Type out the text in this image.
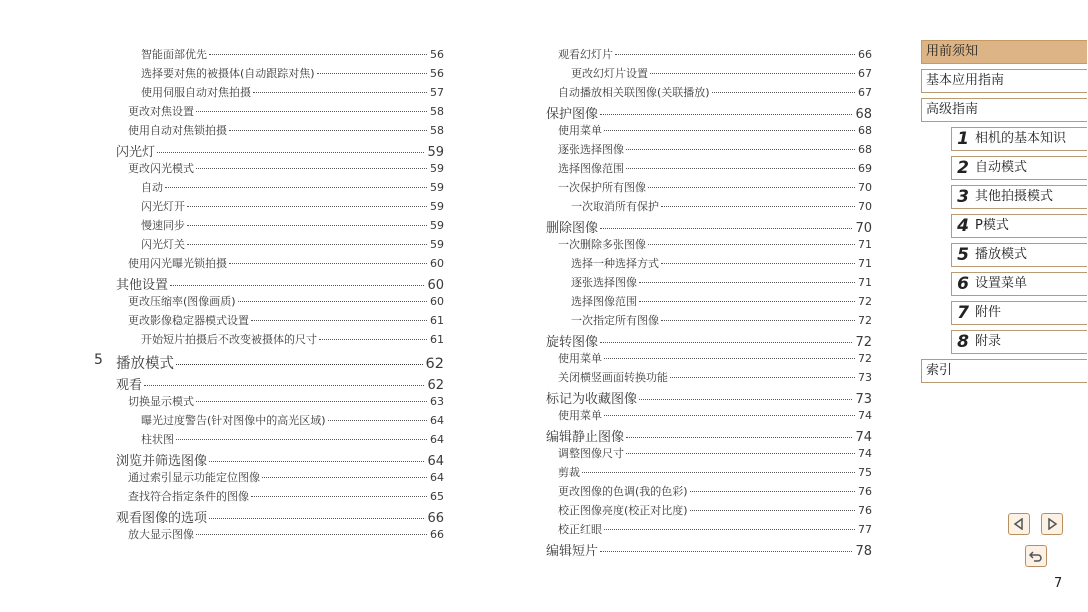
智能面部优先	56
选择要对焦的被摄体(自动跟踪对焦)	56
使用伺服自动对焦拍摄	57
更改对焦设置	58
使用自动对焦锁拍摄	58
闪光灯	59
更改闪光模式	59
自动	59
闪光灯开	59
慢速同步	59
闪光灯关	59
使用闪光曝光锁拍摄	60
其他设置	60
更改压缩率(图像画质)	60
更改影像稳定器模式设置	61
开始短片拍摄后不改变被摄体的尺寸	61
5 播放模式	62
观看	62
切换显示模式	63
曝光过度警告(针对图像中的高光区域)	64
柱状图	64
浏览并筛选图像	64
通过索引显示功能定位图像	64
查找符合指定条件的图像	65
观看图像的选项	66
放大显示图像	66
观看幻灯片	66
更改幻灯片设置	67
自动播放相关联图像(关联播放)	67
保护图像	68
使用菜单	68
逐张选择图像	68
选择图像范围	69
一次保护所有图像	70
一次取消所有保护	70
删除图像	70
一次删除多张图像	71
选择一种选择方式	71
逐张选择图像	71
选择图像范围	72
一次指定所有图像	72
旋转图像	72
使用菜单	72
关闭横竖画面转换功能	73
标记为收藏图像	73
使用菜单	74
编辑静止图像	74
调整图像尺寸	74
剪裁	75
更改图像的色调(我的色彩)	76
校正图像亮度(校正对比度)	76
校正红眼	77
编辑短片	78
用前须知
基本应用指南
高级指南
1 相机的基本知识
2 自动模式
3 其他拍摄模式
4 P模式
5 播放模式
6 设置菜单
7 附件
8 附录
索引
7
